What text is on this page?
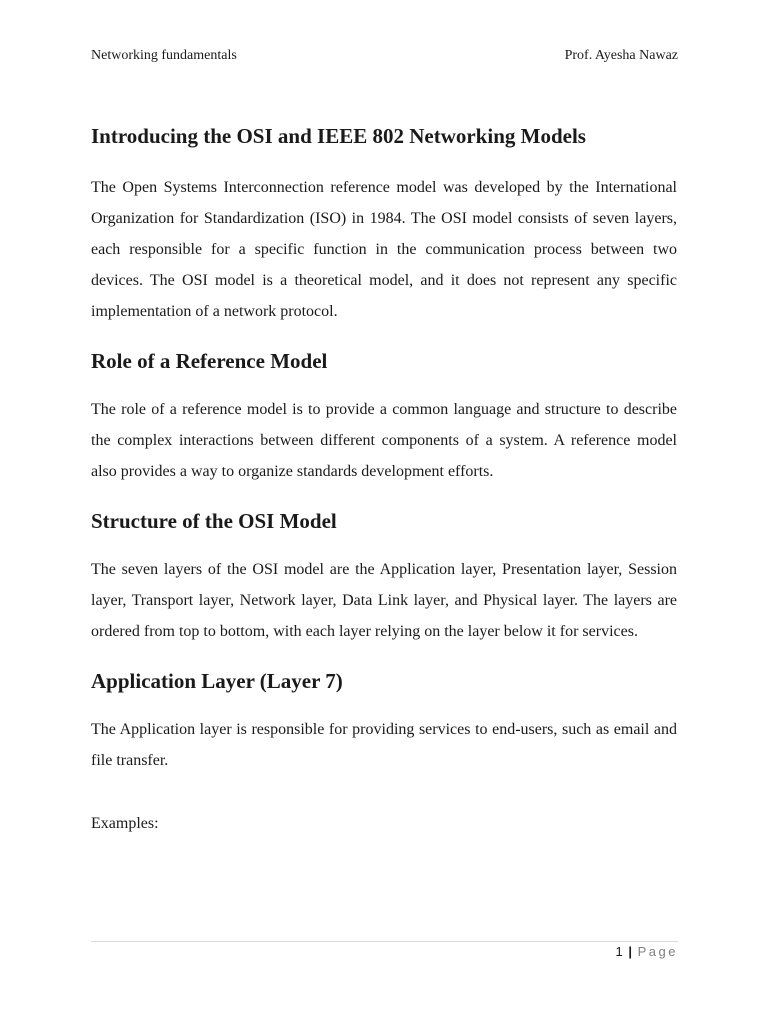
Networking fundamentals	Prof. Ayesha Nawaz
Introducing the OSI and IEEE 802 Networking Models

The Open Systems Interconnection reference model was developed by the International Organization for Standardization (ISO) in 1984. The OSI model consists of seven layers, each responsible for a specific function in the communication process between two devices. The OSI model is a theoretical model, and it does not represent any specific implementation of a network protocol.

Role of a Reference Model

The role of a reference model is to provide a common language and structure to describe the complex interactions between different components of a system. A reference model also provides a way to organize standards development efforts.

Structure of the OSI Model

The seven layers of the OSI model are the Application layer, Presentation layer, Session layer, Transport layer, Network layer, Data Link layer, and Physical layer. The layers are ordered from top to bottom, with each layer relying on the layer below it for services.

Application Layer (Layer 7)

The Application layer is responsible for providing services to end-users, such as email and file transfer.

Examples:

1 | Page
